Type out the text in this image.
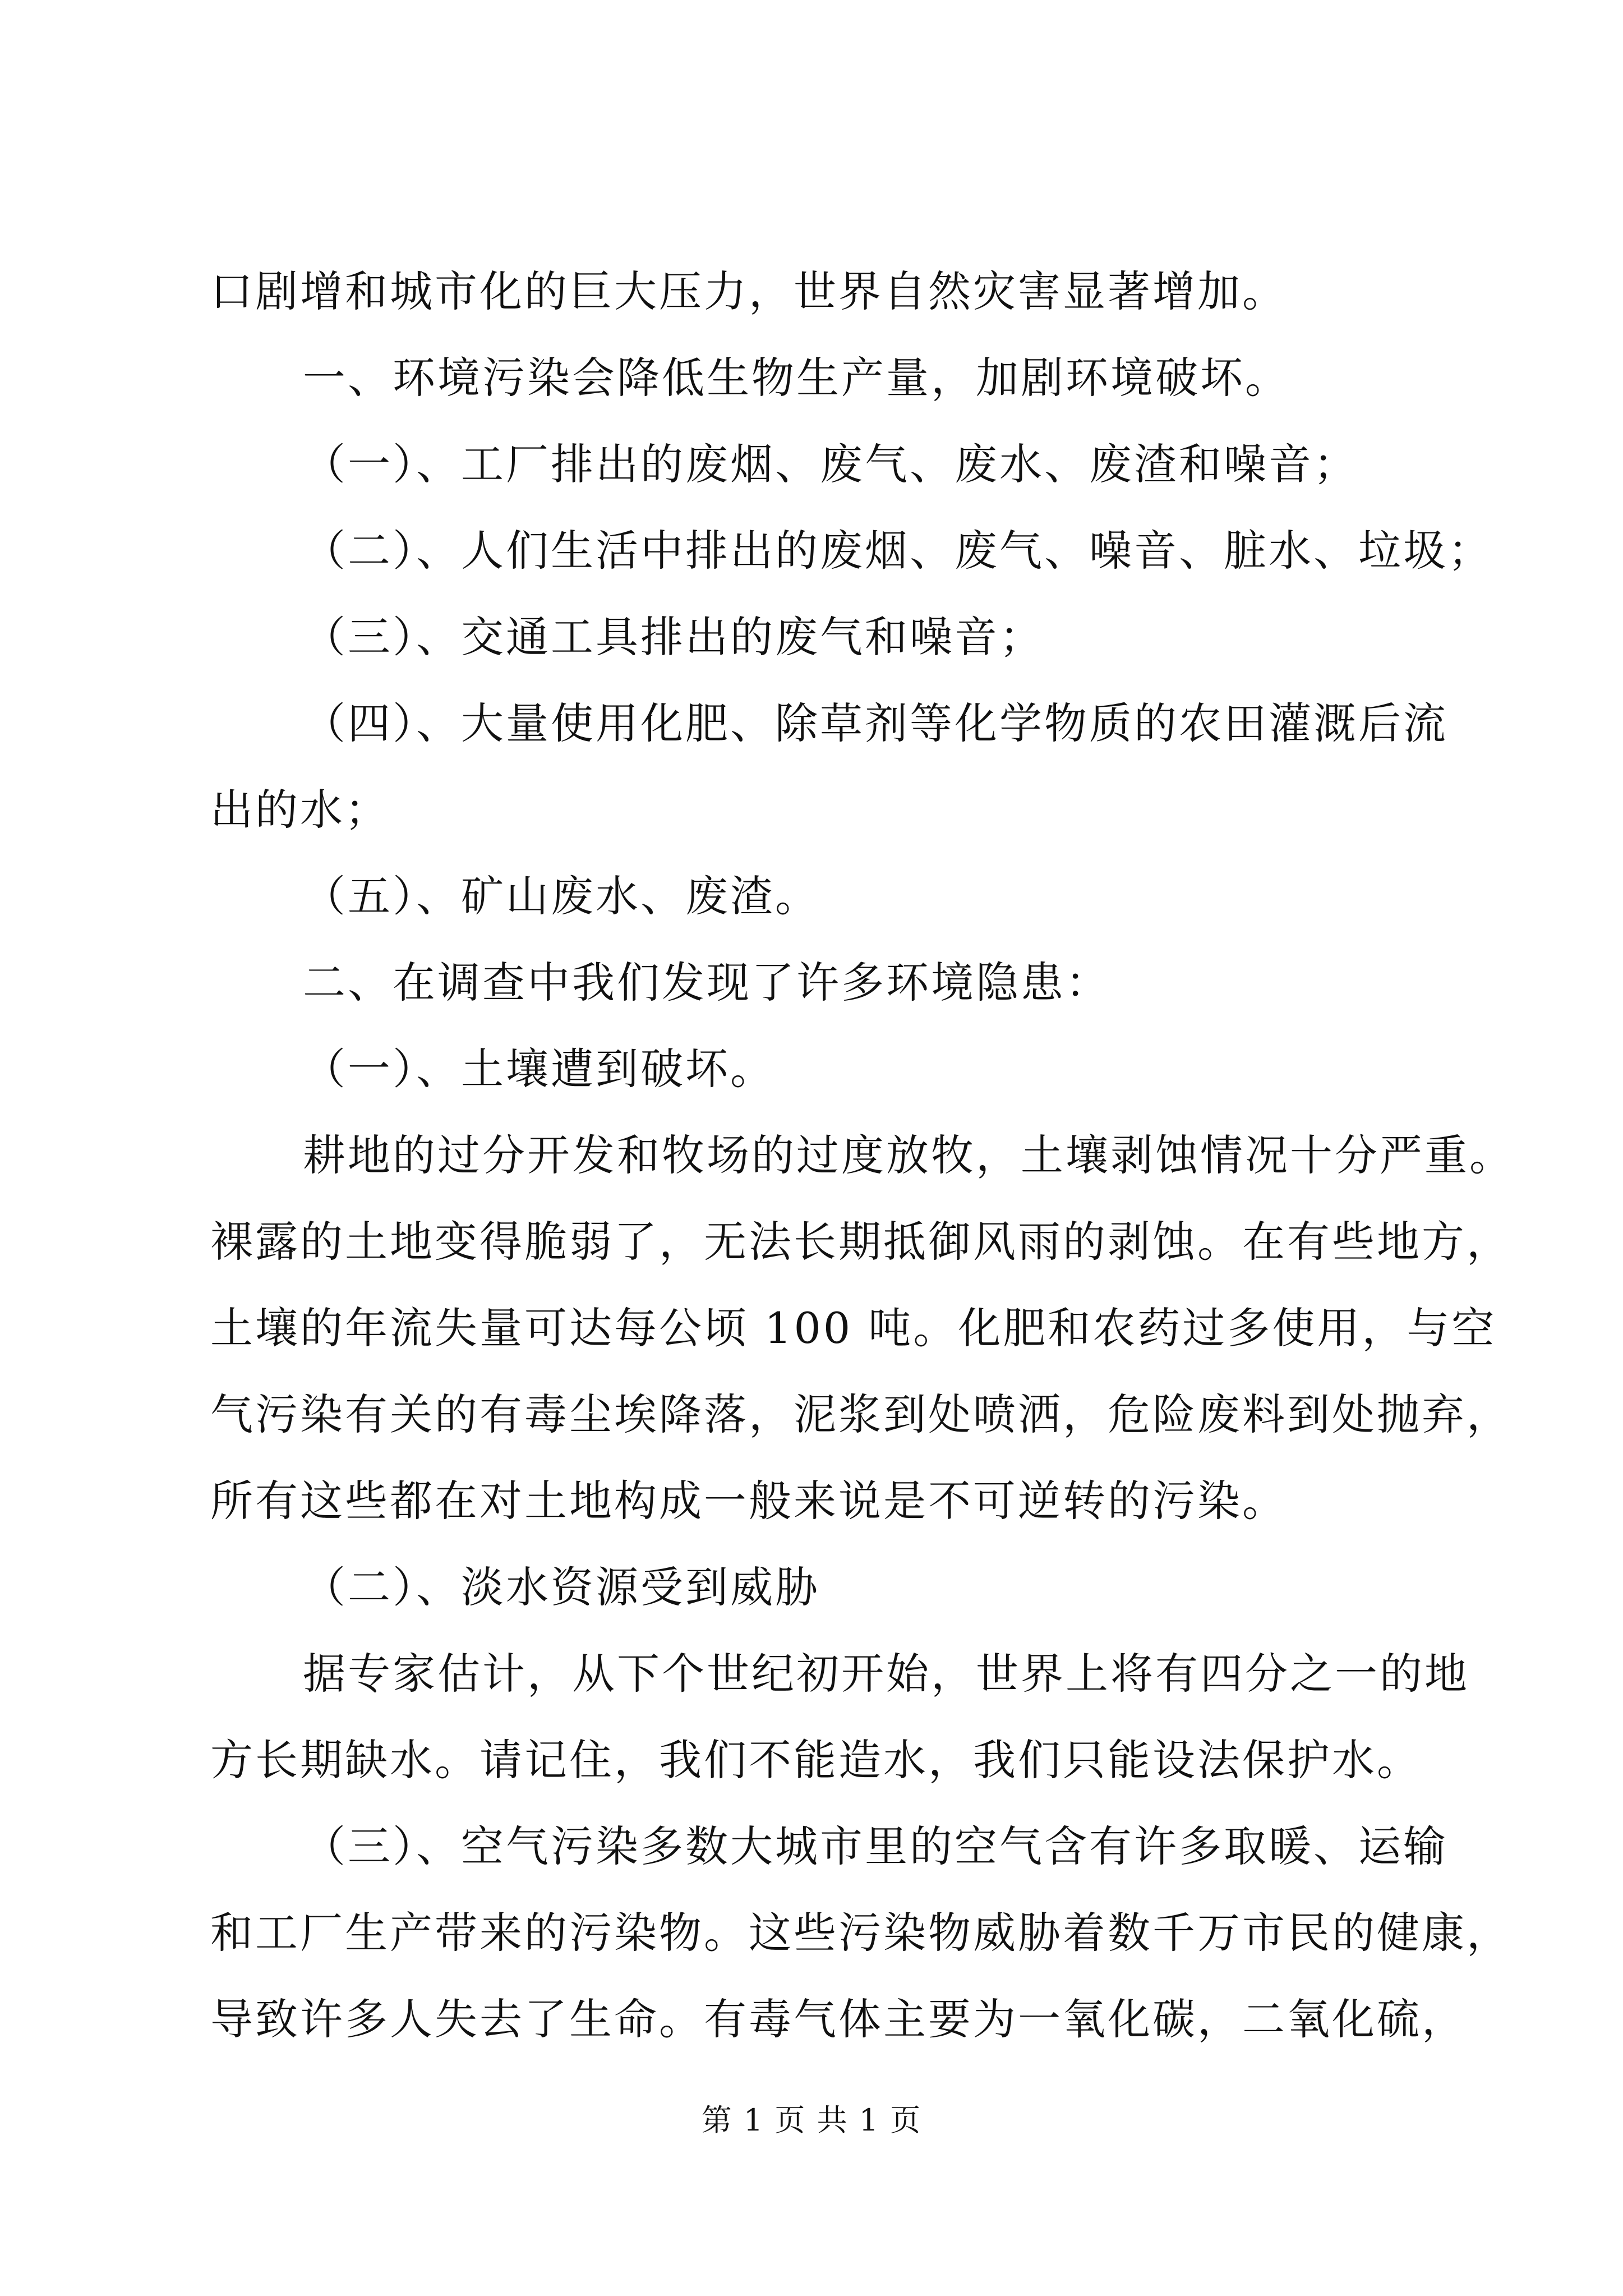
口剧增和城市化的巨大压力，世界自然灾害显著增加。
一、环境污染会降低生物生产量，加剧环境破坏。
（一）、工厂排出的废烟、废气、废水、废渣和噪音；
（二）、人们生活中排出的废烟、废气、噪音、脏水、垃圾；
（三）、交通工具排出的废气和噪音；
（四）、大量使用化肥、除草剂等化学物质的农田灌溉后流
出的水；
（五）、矿山废水、废渣。
二、在调查中我们发现了许多环境隐患：
（一）、土壤遭到破坏。
耕地的过分开发和牧场的过度放牧，土壤剥蚀情况十分严重。
裸露的土地变得脆弱了，无法长期抵御风雨的剥蚀。在有些地方，
土壤的年流失量可达每公顷 100 吨。化肥和农药过多使用，与空
气污染有关的有毒尘埃降落，泥浆到处喷洒，危险废料到处抛弃，
所有这些都在对土地构成一般来说是不可逆转的污染。
（二）、淡水资源受到威胁
据专家估计，从下个世纪初开始，世界上将有四分之一的地
方长期缺水。请记住，我们不能造水，我们只能设法保护水。
（三）、空气污染多数大城市里的空气含有许多取暖、运输
和工厂生产带来的污染物。这些污染物威胁着数千万市民的健康，
导致许多人失去了生命。有毒气体主要为一氧化碳，二氧化硫，
第 1 页 共 1 页
